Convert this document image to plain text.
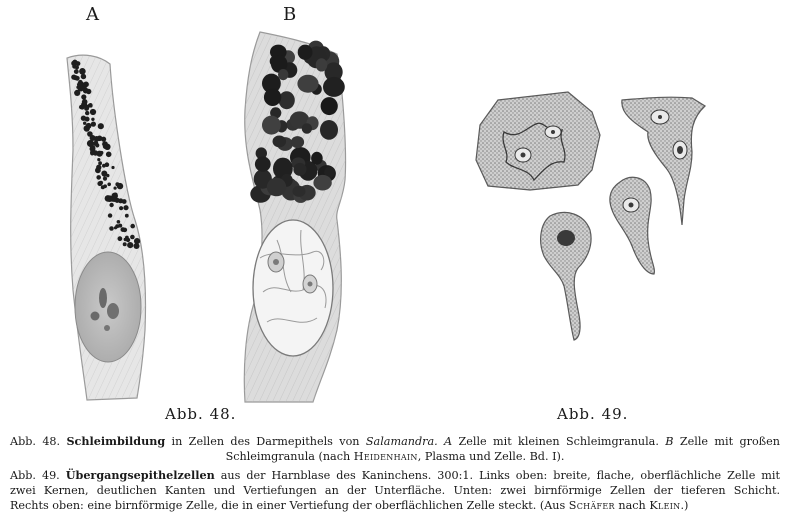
A	B
Abb. 48.	Abb. 49.
Abb. 48. Schleimbildung in Zellen des Darmepithels von Salamandra. A Zelle mit kleinen Schleimgranula. B Zelle mit großen
Schleimgranula (nach Heidenhain, Plasma und Zelle. Bd. I).
Abb. 49. Übergangsepithelzellen aus der Harnblase des Kaninchens. 300:1. Links oben: breite, flache, oberflächliche Zelle mit
zwei Kernen, deutlichen Kanten und Vertiefungen an der Unterfläche. Unten: zwei birnförmige Zellen der tieferen Schicht.
Rechts oben: eine birnförmige Zelle, die in einer Vertiefung der oberflächlichen Zelle steckt. (Aus Schäfer nach Klein.)
